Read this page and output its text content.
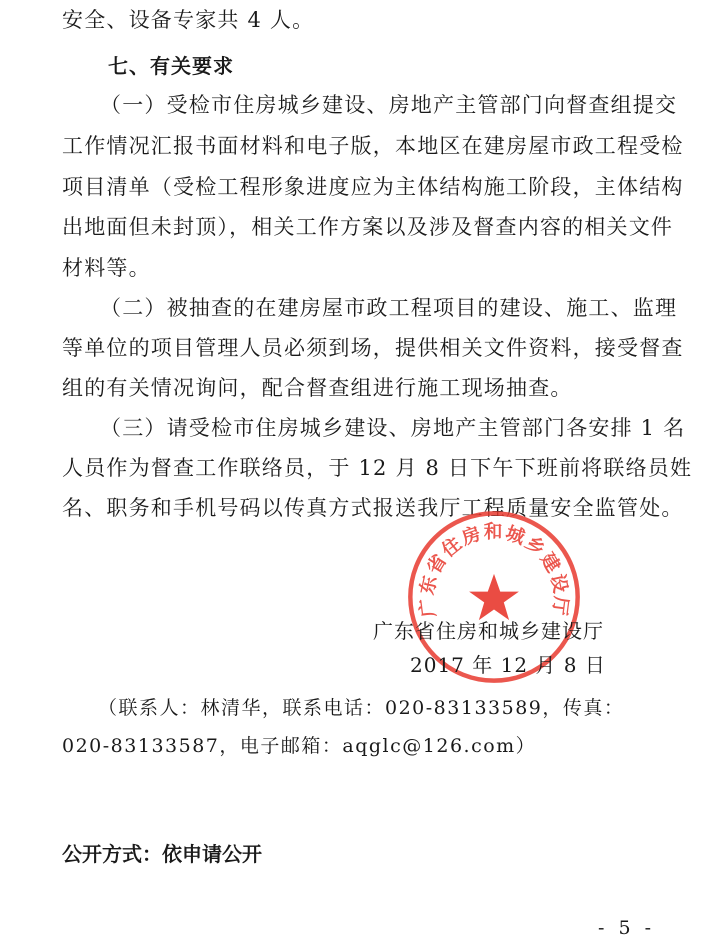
安全、设备专家共 4 人。
七、有关要求
（一）受检市住房城乡建设、房地产主管部门向督查组提交
工作情况汇报书面材料和电子版，本地区在建房屋市政工程受检
项目清单（受检工程形象进度应为主体结构施工阶段，主体结构
出地面但未封顶），相关工作方案以及涉及督查内容的相关文件
材料等。
（二）被抽查的在建房屋市政工程项目的建设、施工、监理
等单位的项目管理人员必须到场，提供相关文件资料，接受督查
组的有关情况询问，配合督查组进行施工现场抽查。
（三）请受检市住房城乡建设、房地产主管部门各安排 1 名
人员作为督查工作联络员，于 12 月 8 日下午下班前将联络员姓
名、职务和手机号码以传真方式报送我厅工程质量安全监管处。
广东省住房和城乡建设厅
广东省住房和城乡建设厅
2017 年 12 月 8 日
（联系人：林清华，联系电话：020-83133589，传真：
020-83133587，电子邮箱：aqglc@126.com）
公开方式：依申请公开
- 5 -
